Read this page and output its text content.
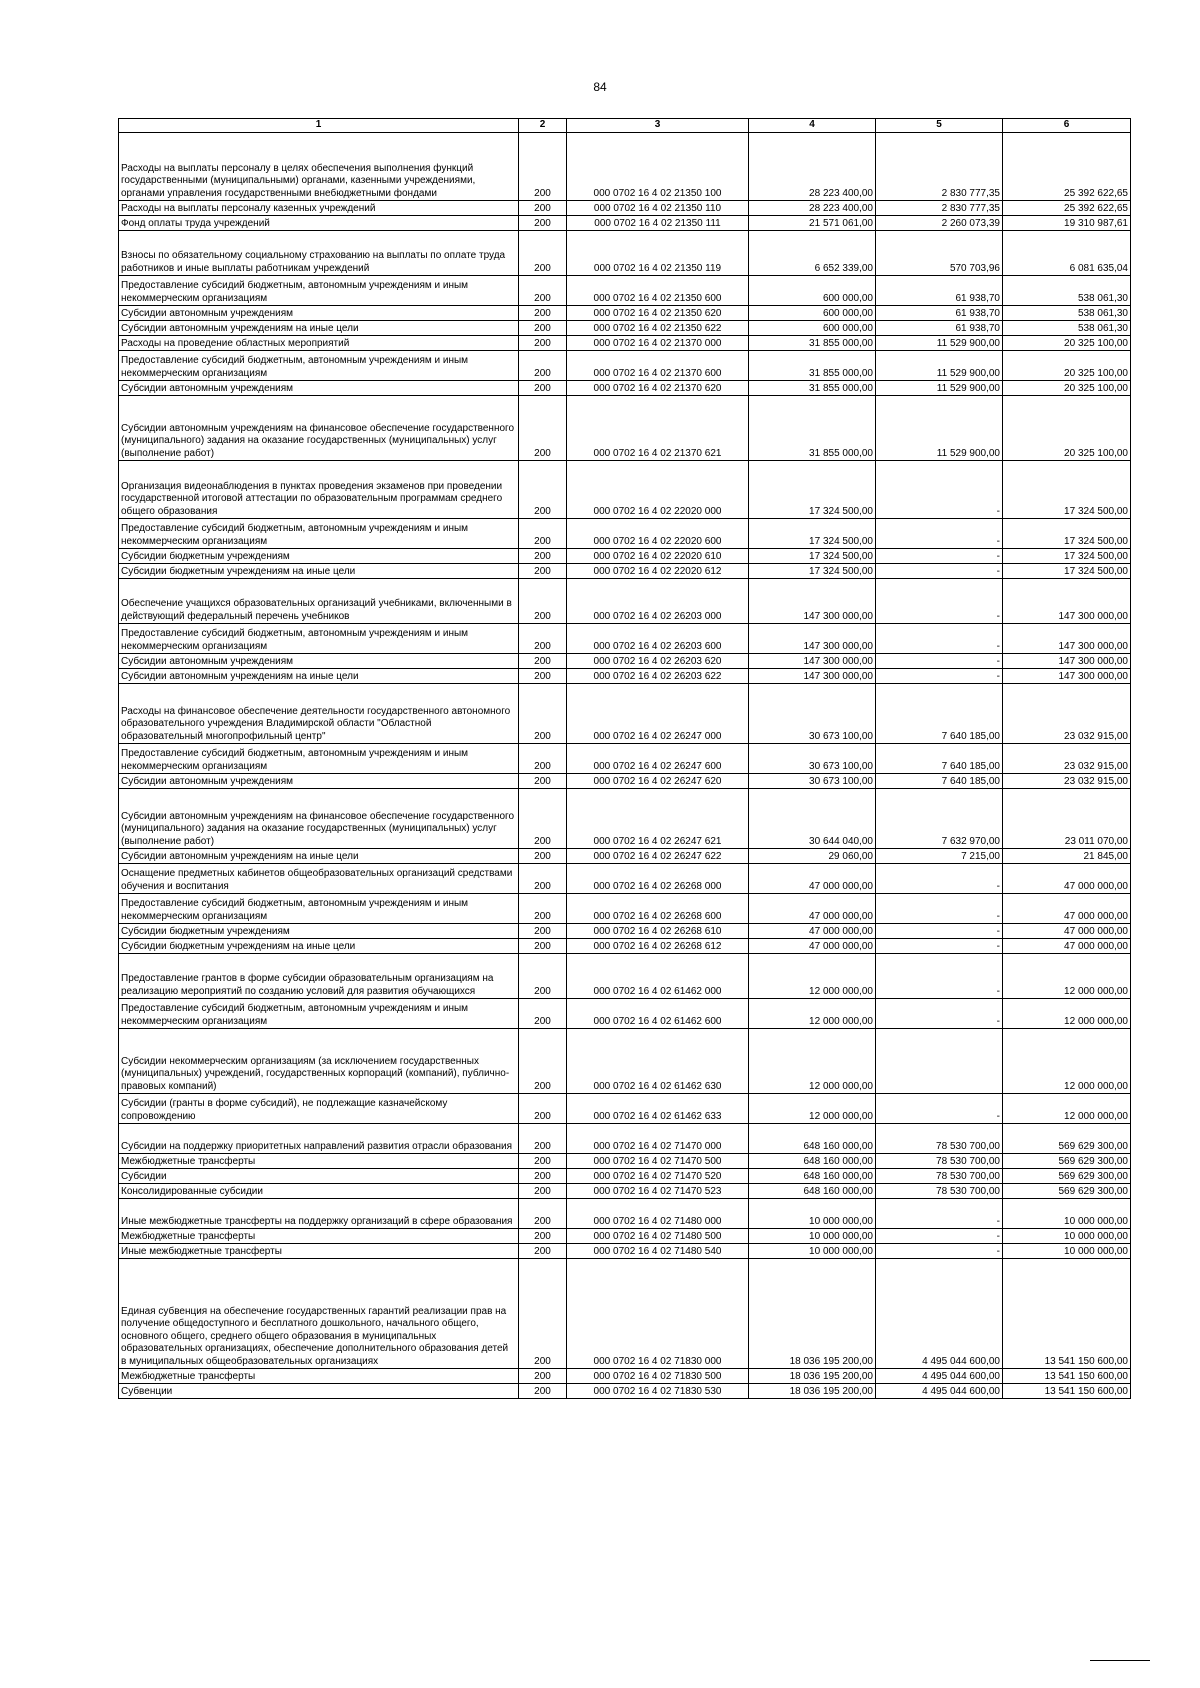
84
1	2	3	4	5	6
Расходы на выплаты персоналу в целях обеспечения выполнения функций государственными (муниципальными) органами, казенными учреждениями, органами управления государственными внебюджетными фондами	200	000 0702 16 4 02 21350 100	28 223 400,00	2 830 777,35	25 392 622,65
Расходы на выплаты персоналу казенных учреждений	200	000 0702 16 4 02 21350 110	28 223 400,00	2 830 777,35	25 392 622,65
Фонд оплаты труда учреждений	200	000 0702 16 4 02 21350 111	21 571 061,00	2 260 073,39	19 310 987,61
Взносы по обязательному социальному страхованию на выплаты по оплате труда работников и иные выплаты работникам учреждений	200	000 0702 16 4 02 21350 119	6 652 339,00	570 703,96	6 081 635,04
Предоставление субсидий бюджетным, автономным учреждениям и иным некоммерческим организациям	200	000 0702 16 4 02 21350 600	600 000,00	61 938,70	538 061,30
Субсидии автономным учреждениям	200	000 0702 16 4 02 21350 620	600 000,00	61 938,70	538 061,30
Субсидии автономным учреждениям на иные цели	200	000 0702 16 4 02 21350 622	600 000,00	61 938,70	538 061,30
Расходы на проведение областных мероприятий	200	000 0702 16 4 02 21370 000	31 855 000,00	11 529 900,00	20 325 100,00
Предоставление субсидий бюджетным, автономным учреждениям и иным некоммерческим организациям	200	000 0702 16 4 02 21370 600	31 855 000,00	11 529 900,00	20 325 100,00
Субсидии автономным учреждениям	200	000 0702 16 4 02 21370 620	31 855 000,00	11 529 900,00	20 325 100,00
Субсидии автономным учреждениям на финансовое обеспечение государственного (муниципального) задания на оказание государственных (муниципальных) услуг (выполнение работ)	200	000 0702 16 4 02 21370 621	31 855 000,00	11 529 900,00	20 325 100,00
Организация видеонаблюдения в пунктах проведения экзаменов при проведении государственной итоговой аттестации по образовательным программам среднего общего образования	200	000 0702 16 4 02 22020 000	17 324 500,00	-	17 324 500,00
Предоставление субсидий бюджетным, автономным учреждениям и иным некоммерческим организациям	200	000 0702 16 4 02 22020 600	17 324 500,00	-	17 324 500,00
Субсидии бюджетным учреждениям	200	000 0702 16 4 02 22020 610	17 324 500,00	-	17 324 500,00
Субсидии бюджетным учреждениям на иные цели	200	000 0702 16 4 02 22020 612	17 324 500,00	-	17 324 500,00
Обеспечение учащихся образовательных организаций учебниками, включенными в действующий федеральный перечень учебников	200	000 0702 16 4 02 26203 000	147 300 000,00	-	147 300 000,00
Предоставление субсидий бюджетным, автономным учреждениям и иным некоммерческим организациям	200	000 0702 16 4 02 26203 600	147 300 000,00	-	147 300 000,00
Субсидии автономным учреждениям	200	000 0702 16 4 02 26203 620	147 300 000,00	-	147 300 000,00
Субсидии автономным учреждениям на иные цели	200	000 0702 16 4 02 26203 622	147 300 000,00	-	147 300 000,00
Расходы на финансовое обеспечение деятельности государственного автономного образовательного учреждения Владимирской области "Областной образовательный многопрофильный центр"	200	000 0702 16 4 02 26247 000	30 673 100,00	7 640 185,00	23 032 915,00
Предоставление субсидий бюджетным, автономным учреждениям и иным некоммерческим организациям	200	000 0702 16 4 02 26247 600	30 673 100,00	7 640 185,00	23 032 915,00
Субсидии автономным учреждениям	200	000 0702 16 4 02 26247 620	30 673 100,00	7 640 185,00	23 032 915,00
Субсидии автономным учреждениям на финансовое обеспечение государственного (муниципального) задания на оказание государственных (муниципальных) услуг (выполнение работ)	200	000 0702 16 4 02 26247 621	30 644 040,00	7 632 970,00	23 011 070,00
Субсидии автономным учреждениям на иные цели	200	000 0702 16 4 02 26247 622	29 060,00	7 215,00	21 845,00
Оснащение предметных кабинетов общеобразовательных организаций средствами обучения и воспитания	200	000 0702 16 4 02 26268 000	47 000 000,00	-	47 000 000,00
Предоставление субсидий бюджетным, автономным учреждениям и иным некоммерческим организациям	200	000 0702 16 4 02 26268 600	47 000 000,00	-	47 000 000,00
Субсидии бюджетным учреждениям	200	000 0702 16 4 02 26268 610	47 000 000,00	-	47 000 000,00
Субсидии бюджетным учреждениям на иные цели	200	000 0702 16 4 02 26268 612	47 000 000,00	-	47 000 000,00
Предоставление грантов в форме субсидии образовательным организациям на реализацию мероприятий по созданию условий для развития обучающихся	200	000 0702 16 4 02 61462 000	12 000 000,00	-	12 000 000,00
Предоставление субсидий бюджетным, автономным учреждениям и иным некоммерческим организациям	200	000 0702 16 4 02 61462 600	12 000 000,00	-	12 000 000,00
Субсидии некоммерческим организациям (за исключением государственных (муниципальных) учреждений, государственных корпораций (компаний), публично-правовых компаний)	200	000 0702 16 4 02 61462 630	12 000 000,00		12 000 000,00
Субсидии (гранты в форме субсидий), не подлежащие казначейскому сопровождению	200	000 0702 16 4 02 61462 633	12 000 000,00	-	12 000 000,00
Субсидии на поддержку приоритетных направлений развития отрасли образования	200	000 0702 16 4 02 71470 000	648 160 000,00	78 530 700,00	569 629 300,00
Межбюджетные трансферты	200	000 0702 16 4 02 71470 500	648 160 000,00	78 530 700,00	569 629 300,00
Субсидии	200	000 0702 16 4 02 71470 520	648 160 000,00	78 530 700,00	569 629 300,00
Консолидированные субсидии	200	000 0702 16 4 02 71470 523	648 160 000,00	78 530 700,00	569 629 300,00
Иные межбюджетные трансферты на поддержку организаций в сфере образования	200	000 0702 16 4 02 71480 000	10 000 000,00	-	10 000 000,00
Межбюджетные трансферты	200	000 0702 16 4 02 71480 500	10 000 000,00	-	10 000 000,00
Иные межбюджетные трансферты	200	000 0702 16 4 02 71480 540	10 000 000,00	-	10 000 000,00
Единая субвенция на обеспечение государственных гарантий реализации прав на получение общедоступного и бесплатного дошкольного, начального общего, основного общего, среднего общего образования в муниципальных образовательных организациях, обеспечение дополнительного образования детей в муниципальных общеобразовательных организациях	200	000 0702 16 4 02 71830 000	18 036 195 200,00	4 495 044 600,00	13 541 150 600,00
Межбюджетные трансферты	200	000 0702 16 4 02 71830 500	18 036 195 200,00	4 495 044 600,00	13 541 150 600,00
Субвенции	200	000 0702 16 4 02 71830 530	18 036 195 200,00	4 495 044 600,00	13 541 150 600,00
